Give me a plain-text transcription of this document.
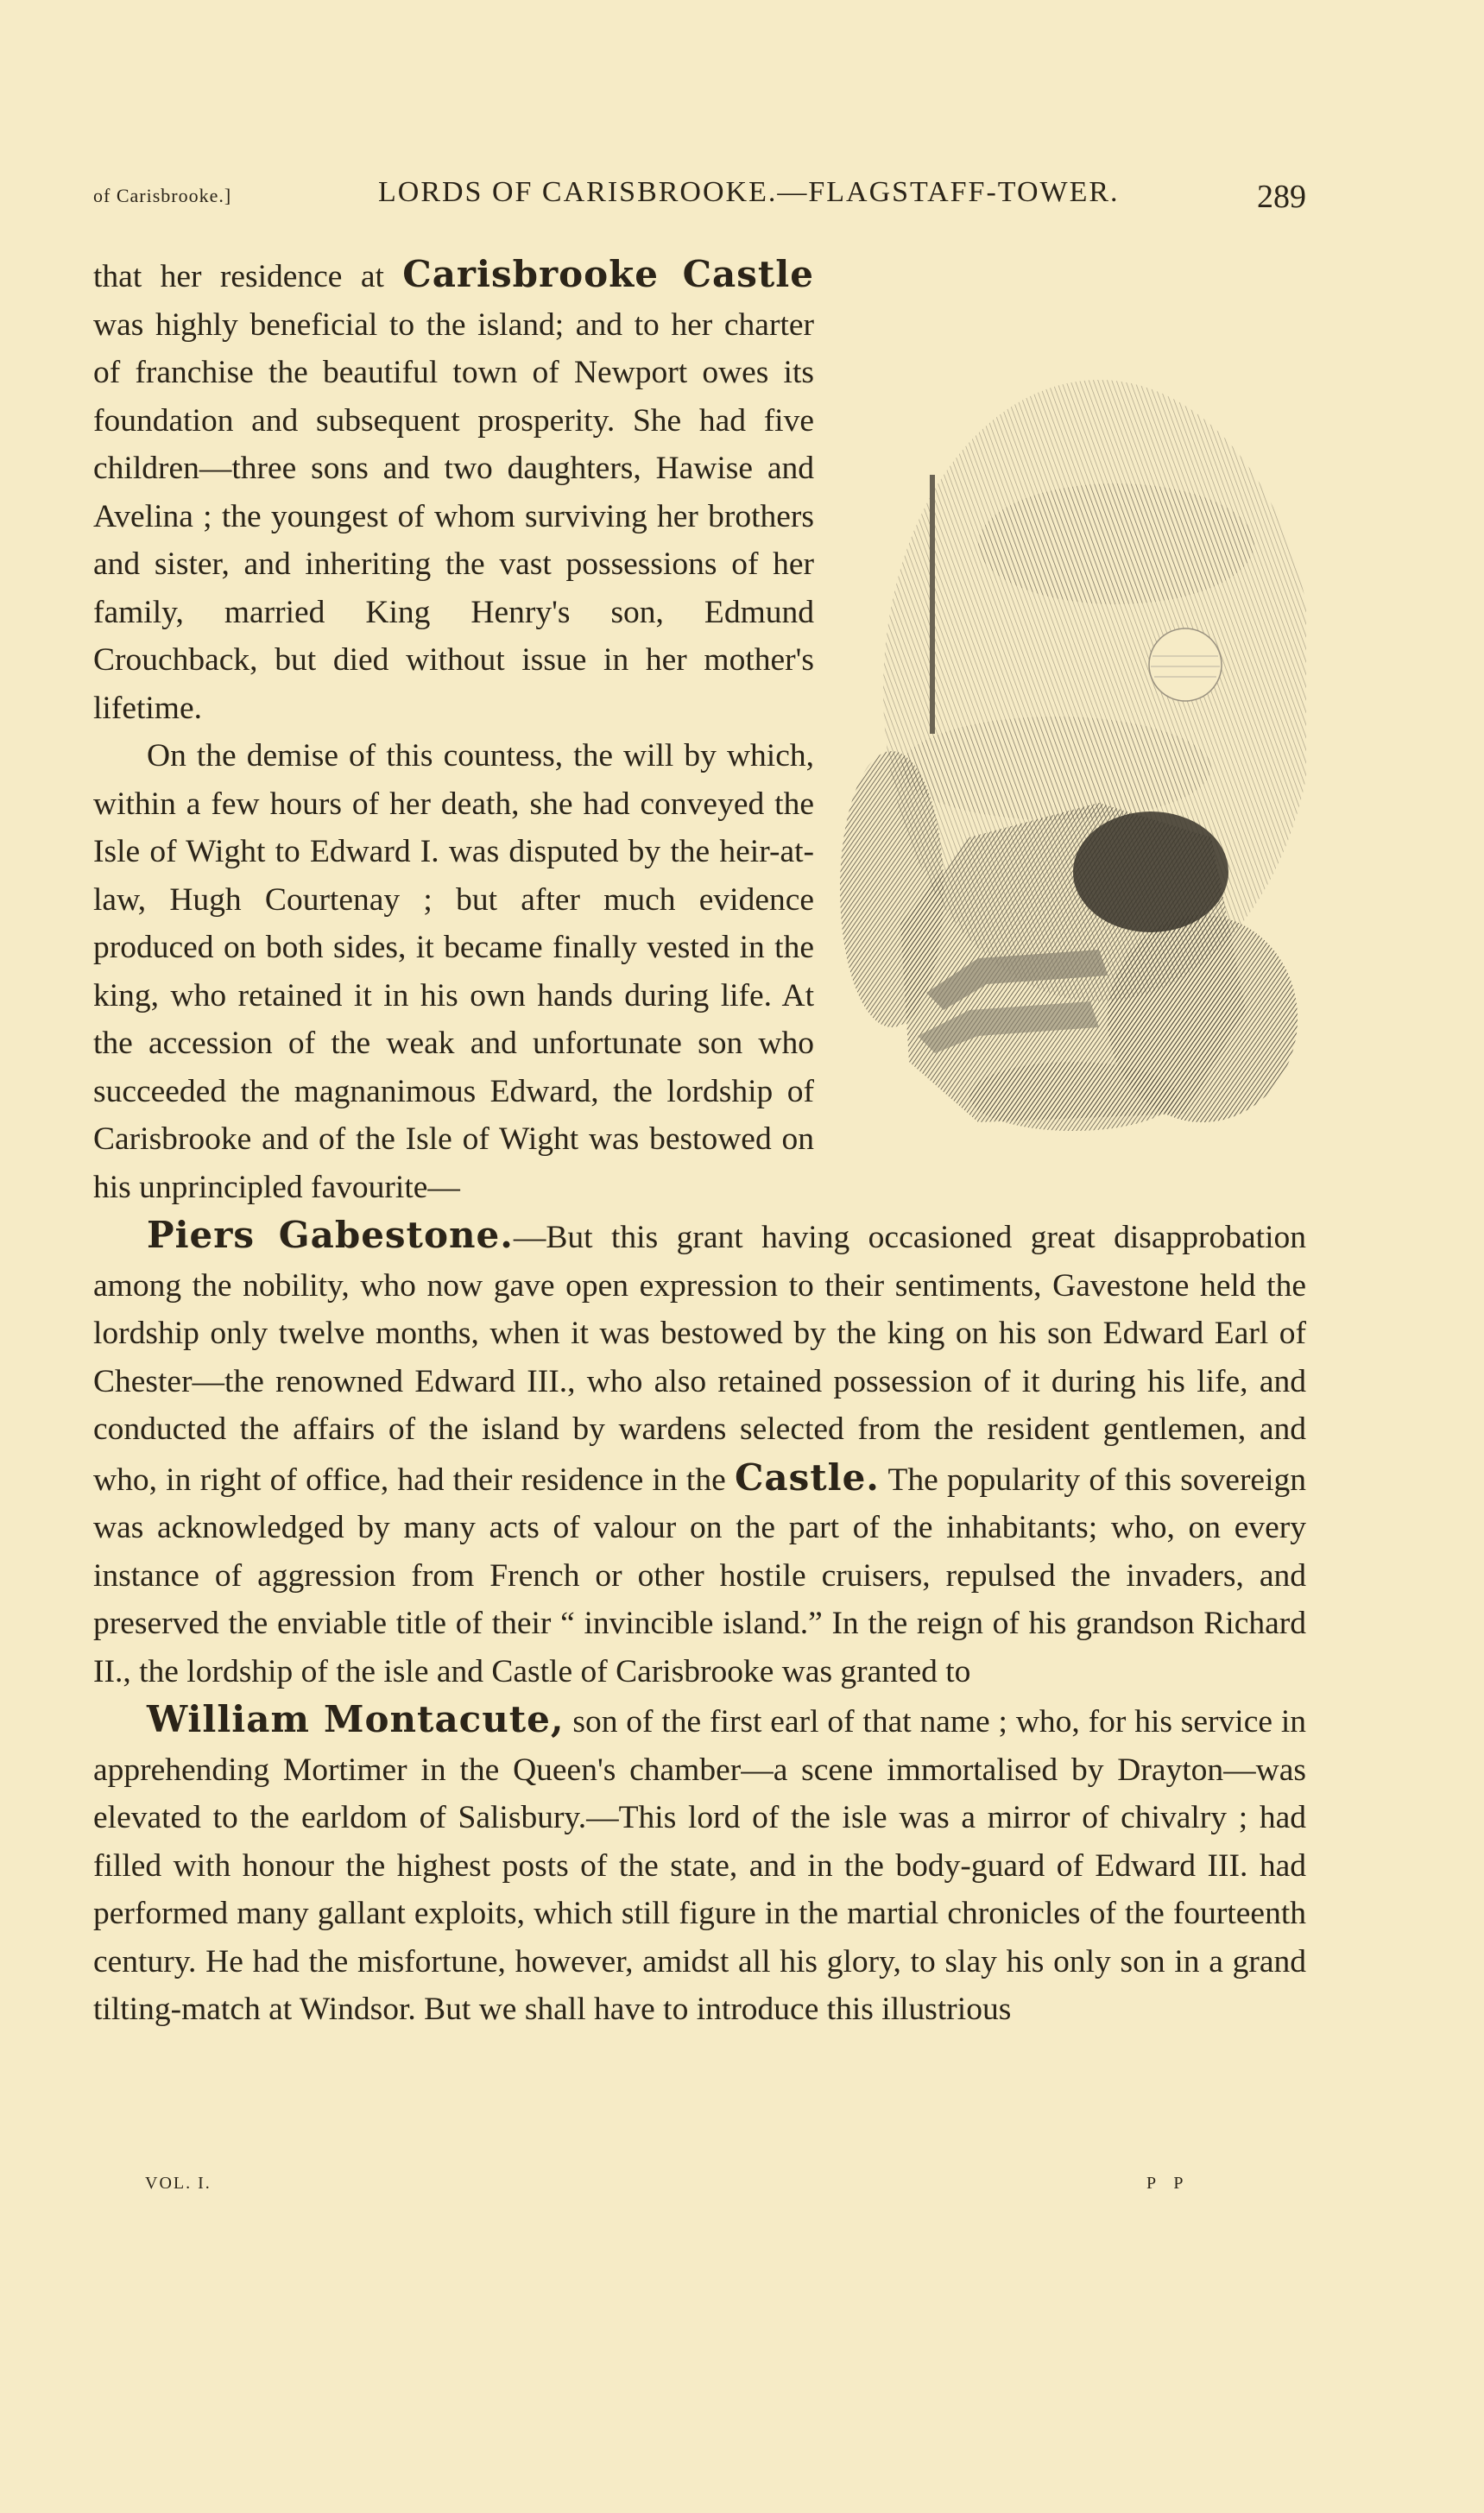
of Carisbrooke.]	LORDS OF CARISBROOKE.—FLAGSTAFF-TOWER.	289

that her residence at Carisbrooke Castle was highly beneficial to the island; and to her charter of franchise the beautiful town of Newport owes its foundation and subsequent prosperity. She had five children—three sons and two daughters, Hawise and Avelina ; the youngest of whom surviving her brothers and sister, and inheriting the vast possessions of her family, married King Henry's son, Edmund Crouchback, but died without issue in her mother's lifetime.

On the demise of this countess, the will by which, within a few hours of her death, she had conveyed the Isle of Wight to Edward I. was disputed by the heir-at-law, Hugh Courtenay ; but after much evidence produced on both sides, it became finally vested in the king, who retained it in his own hands during life. At the accession of the weak and unfortunate son who succeeded the magnanimous Edward, the lordship of Carisbrooke and of the Isle of Wight was bestowed on his unprincipled favourite—

Piers Gabestone.—But this grant having occasioned great disapprobation among the nobility, who now gave open expression to their sentiments, Gavestone held the lordship only twelve months, when it was bestowed by the king on his son Edward Earl of Chester—the renowned Edward III., who also retained possession of it during his life, and conducted the affairs of the island by wardens selected from the resident gentlemen, and who, in right of office, had their residence in the Castle. The popularity of this sovereign was acknowledged by many acts of valour on the part of the inhabitants; who, on every instance of aggression from French or other hostile cruisers, repulsed the invaders, and preserved the enviable title of their “ invincible island.” In the reign of his grandson Richard II., the lordship of the isle and Castle of Carisbrooke was granted to

William Montacute, son of the first earl of that name ; who, for his service in apprehending Mortimer in the Queen's chamber—a scene immortalised by Drayton—was elevated to the earldom of Salisbury.—This lord of the isle was a mirror of chivalry ; had filled with honour the highest posts of the state, and in the body-guard of Edward III. had performed many gallant exploits, which still figure in the martial chronicles of the fourteenth century. He had the misfortune, however, amidst all his glory, to slay his only son in a grand tilting-match at Windsor. But we shall have to introduce this illustrious

VOL. I.	P P
